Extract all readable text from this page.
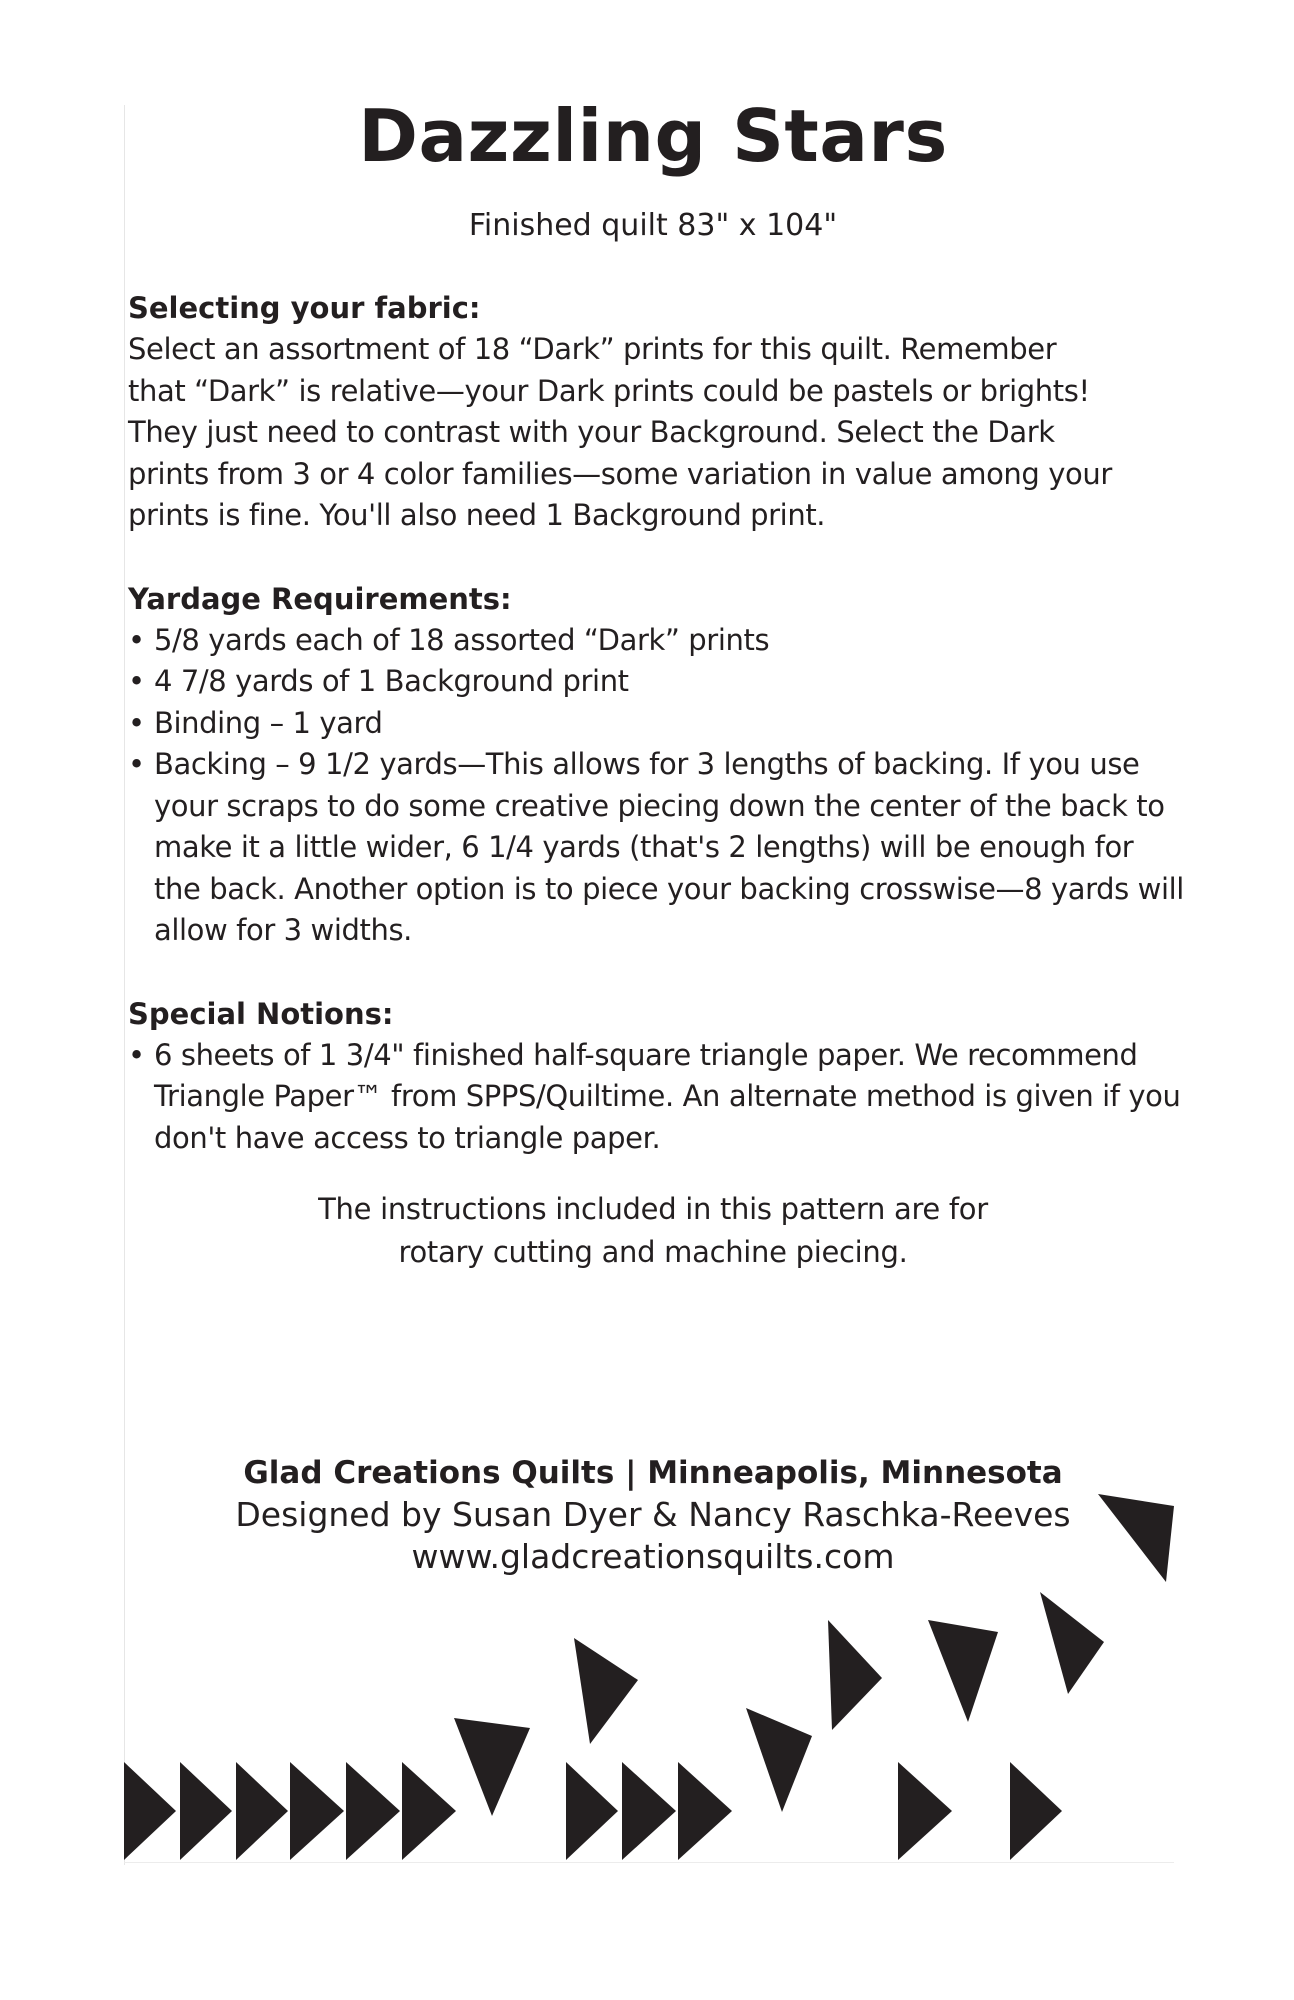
Dazzling Stars
Finished quilt 83" x 104"

Selecting your fabric:

Select an assortment of 18 “Dark” prints for this quilt. Remember

that “Dark” is relative—your Dark prints could be pastels or brights!

They just need to contrast with your Background. Select the Dark

prints from 3 or 4 color families—some variation in value among your

prints is fine. You'll also need 1 Background print.

Yardage Requirements:

• 5/8 yards each of 18 assorted “Dark” prints
• 4 7/8 yards of 1 Background print
• Binding – 1 yard
• Backing – 9 1/2 yards—This allows for 3 lengths of backing. If you use your scraps to do some creative piecing down the center of the back to make it a little wider, 6 1/4 yards (that's 2 lengths) will be enough for the back. Another option is to piece your backing crosswise—8 yards will allow for 3 widths.

Special Notions:

• 6 sheets of 1 3/4" finished half-square triangle paper. We recommend Triangle Paper™ from SPPS/Quiltime. An alternate method is given if you don't have access to triangle paper.
The instructions included in this pattern are for
rotary cutting and machine piecing.
Glad Creations Quilts | Minneapolis, Minnesota
Designed by Susan Dyer & Nancy Raschka-Reeves
www.gladcreationsquilts.com
